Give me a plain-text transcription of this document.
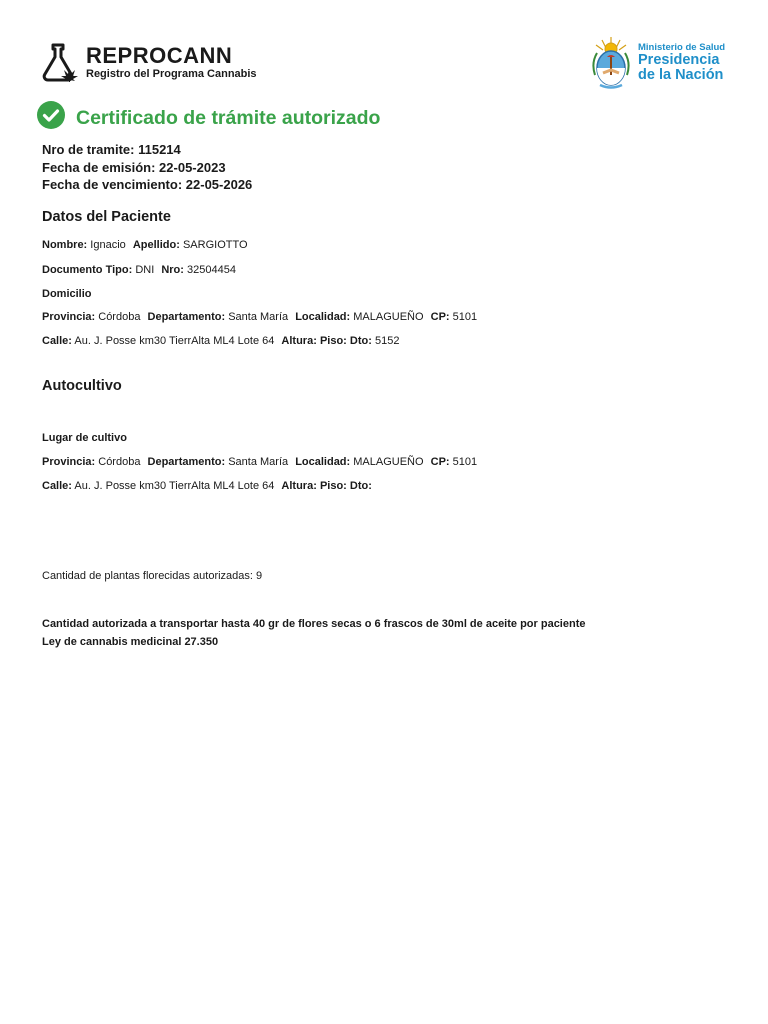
REPROCANN
Registro del Programa Cannabis
Ministerio de Salud
Presidencia
de la Nación
Certificado de trámite autorizado
Nro de tramite: 115214
Fecha de emisión: 22-05-2023
Fecha de vencimiento: 22-05-2026
Datos del Paciente
Nombre: Ignacio Apellido: SARGIOTTO
Documento Tipo: DNI Nro: 32504454
Domicilio
Provincia: Córdoba Departamento: Santa María Localidad: MALAGUEÑO CP: 5101
Calle: Au. J. Posse km30 TierrAlta ML4 Lote 64 Altura: Piso: Dto: 5152
Autocultivo
Lugar de cultivo
Provincia: Córdoba Departamento: Santa María Localidad: MALAGUEÑO CP: 5101
Calle: Au. J. Posse km30 TierrAlta ML4 Lote 64 Altura: Piso: Dto:
Cantidad de plantas florecidas autorizadas: 9
Cantidad autorizada a transportar hasta 40 gr de flores secas o 6 frascos de 30ml de aceite por paciente
Ley de cannabis medicinal 27.350
